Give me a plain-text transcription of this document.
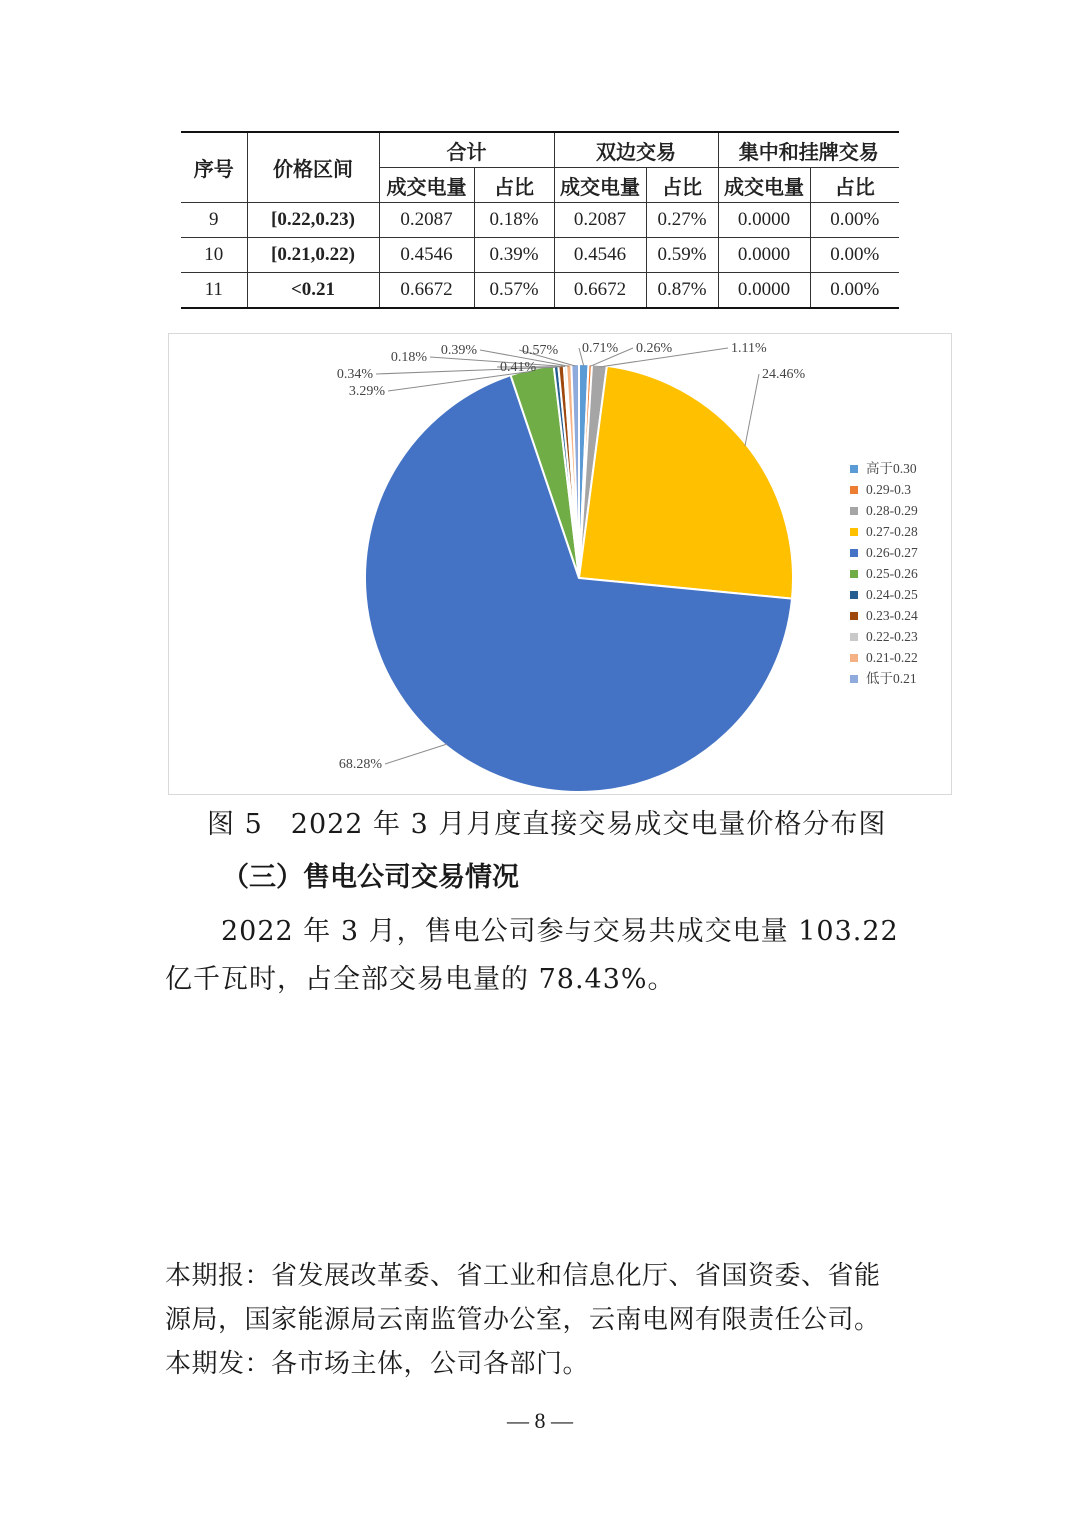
序号	价格区间	合计		双边交易		集中和挂牌交易	
		成交电量	占比	成交电量	占比	成交电量	占比
9	[0.22,0.23)	0.2087	0.18%	0.2087	0.27%	0.0000	0.00%
10	[0.21,0.22)	0.4546	0.39%	0.4546	0.59%	0.0000	0.00%
11	<0.21	0.6672	0.57%	0.6672	0.87%	0.0000	0.00%
0.71% 0.26%	1.11%
24.46%
68.28%
3.29%
0.34%	0.41%
0.18% 0.39%	0.57%
高于0.30
0.29-0.3
0.28-0.29
0.27-0.28
0.26-0.27
0.25-0.26
0.24-0.25
0.23-0.24
0.22-0.23
0.21-0.22
低于0.21
图 5　2022 年 3 月月度直接交易成交电量价格分布图
（三）售电公司交易情况
2022 年 3 月，售电公司参与交易共成交电量 103.22 亿千瓦时，占全部交易电量的 78.43%。
本期报：省发展改革委、省工业和信息化厅、省国资委、省能
源局，国家能源局云南监管办公室，云南电网有限责任公司。
本期发：各市场主体，公司各部门。
— 8 —
